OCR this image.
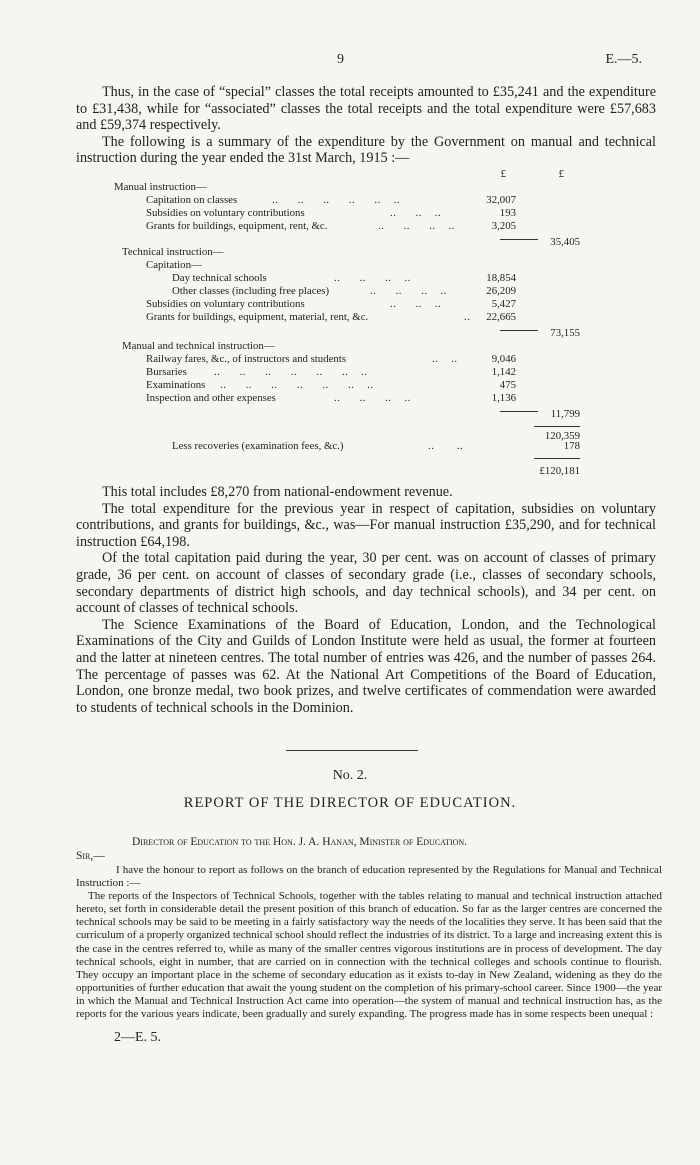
9	E.—5.

Thus, in the case of “special” classes the total receipts amounted to £35,241 and the expenditure to £31,438, while for “associated” classes the total receipts and the total expenditure were £57,683 and £59,374 respectively.

The following is a summary of the expenditure by the Government on manual and technical instruction during the year ended the 31st March, 1915 :—

£	£
Manual instruction—
Capitation on classes	..      ..      ..      ..      ..    ..	32,007
Subsidies on voluntary contributions	..      ..    ..	193
Grants for buildings, equipment, rent, &c.	..      ..      ..    ..	3,205
35,405
Technical instruction—
Capitation—
Day technical schools	..      ..      ..    ..	18,854
Other classes (including free places)	..      ..      ..    ..	26,209
Subsidies on voluntary contributions	..      ..    ..	5,427
Grants for buildings, equipment, material, rent, &c.	.. 22,665
73,155
Manual and technical instruction—
Railway fares, &c., of instructors and students	..    ..	9,046
Bursaries	..      ..      ..      ..      ..      ..    ..	1,142
Examinations ..      ..      ..      ..      ..      ..    ..	475
Inspection and other expenses	..      ..      ..    ..	1,136
11,799
120,359
Less recoveries (examination fees, &c.)	..       ..	178
£120,181

This total includes £8,270 from national-endowment revenue.

The total expenditure for the previous year in respect of capitation, subsidies on voluntary contributions, and grants for buildings, &c., was—For manual instruction £35,290, and for technical instruction £64,198.

Of the total capitation paid during the year, 30 per cent. was on account of classes of primary grade, 36 per cent. on account of classes of secondary grade (i.e., classes of secondary schools, secondary departments of district high schools, and day technical schools), and 34 per cent. on account of classes of technical schools.

The Science Examinations of the Board of Education, London, and the Technological Examinations of the City and Guilds of London Institute were held as usual, the former at fourteen and the latter at nineteen centres. The total number of entries was 426, and the number of passes 264. The percentage of passes was 62. At the National Art Competitions of the Board of Education, London, one bronze medal, two book prizes, and twelve certificates of commendation were awarded to students of technical schools in the Dominion.

No. 2.
REPORT OF THE DIRECTOR OF EDUCATION.
Director of Education to the Hon. J. A. Hanan, Minister of Education.
Sir,—

I have the honour to report as follows on the branch of education represented by the Regulations for Manual and Technical Instruction :—

The reports of the Inspectors of Technical Schools, together with the tables relating to manual and technical instruction attached hereto, set forth in considerable detail the present position of this branch of education. So far as the larger centres are concerned the technical schools may be said to be meeting in a fairly satisfactory way the needs of the localities they serve. It has been said that the curriculum of a properly organized technical school should reflect the industries of its district. To a large and increasing extent this is the case in the centres referred to, while as many of the smaller centres vigorous institutions are in process of development. The day technical schools, eight in number, that are carried on in connection with the technical colleges and schools continue to flourish. They occupy an important place in the scheme of secondary education as it exists to-day in New Zealand, widening as they do the opportunities of further education that await the young student on the completion of his primary-school career. Since 1900—the year in which the Manual and Technical Instruction Act came into operation—the system of manual and technical instruction has, as the reports for the various years indicate, been gradually and surely expanding. The progress made has in some respects been unequal :

2—E. 5.
